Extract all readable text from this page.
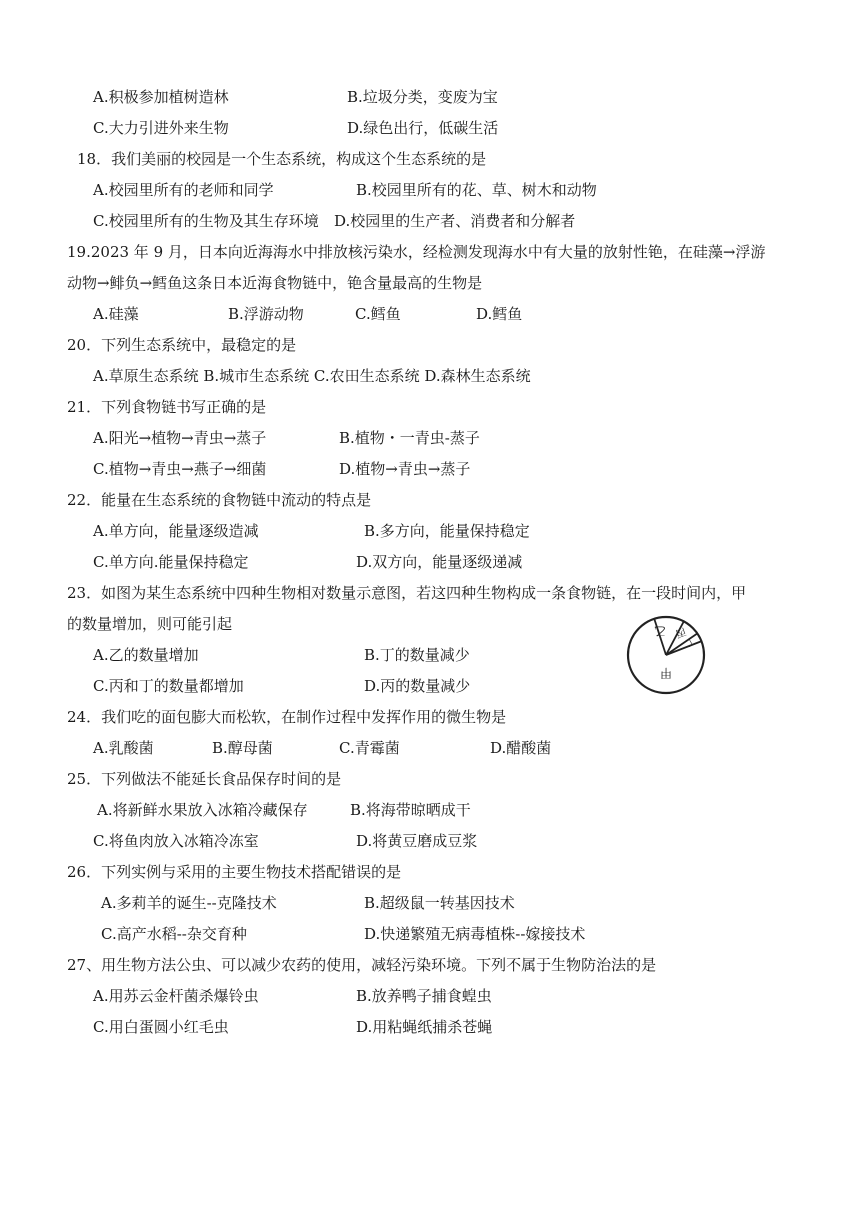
A.积极参加植树造林	B.垃圾分类，变废为宝
C.大力引进外来生物	D.绿色出行，低碳生活
18．我们美丽的校园是一个生态系统，构成这个生态系统的是
A.校园里所有的老师和同学	B.校园里所有的花、草、树木和动物
C.校园里所有的生物及其生存环境 D.校园里的生产者、消费者和分解者
19.2023 年 9 月，日本向近海海水中排放核污染水，经检测发现海水中有大量的放射性铯，在硅藻→浮游
动物→鲱负→鳕鱼这条日本近海食物链中，铯含量最高的生物是
A.硅藻	B.浮游动物	C.鳕鱼	D.鳕鱼
20．下列生态系统中，最稳定的是
A.草原生态系统 B.城市生态系统 C.农田生态系统 D.森林生态系统
21．下列食物链书写正确的是
A.阳光→植物→青虫→蒸子	B.植物・一青虫-蒸子
C.植物→青虫→燕子→细菌	D.植物→青虫→蒸子
22．能量在生态系统的食物链中流动的特点是
A.单方向，能量逐级造减	B.多方向，能量保持稳定
C.单方向.能量保持稳定	D.双方向，能量逐级递减
23．如图为某生态系统中四种生物相对数量示意图，若这四种生物构成一条食物链，在一段时间内，甲
的数量增加，则可能引起
A.乙的数量增加	B.丁的数量减少
C.丙和丁的数量都增加	D.丙的数量减少
乙 丙
丁
甲
24．我们吃的面包膨大而松软，在制作过程中发挥作用的微生物是
A.乳酸菌	B.醇母菌	C.青霉菌	D.醋酸菌
25．下列做法不能延长食品保存时间的是
A.将新鲜水果放入冰箱冷藏保存	B.将海带晾晒成干
C.将鱼肉放入冰箱冷冻室	D.将黄豆磨成豆浆
26．下列实例与采用的主要生物技术搭配错误的是
A.多莉羊的诞生--克隆技术	B.超级鼠一转基因技术
C.高产水稻--杂交育种	D.快递繁殖无病毒植株--嫁接技术
27、用生物方法公虫、可以减少农药的使用，减轻污染环境。下列不属于生物防治法的是
A.用苏云金杆菌杀爆铃虫	B.放养鸭子捕食蝗虫
C.用白蛋圆小红毛虫	D.用粘蝇纸捕杀苍蝇
